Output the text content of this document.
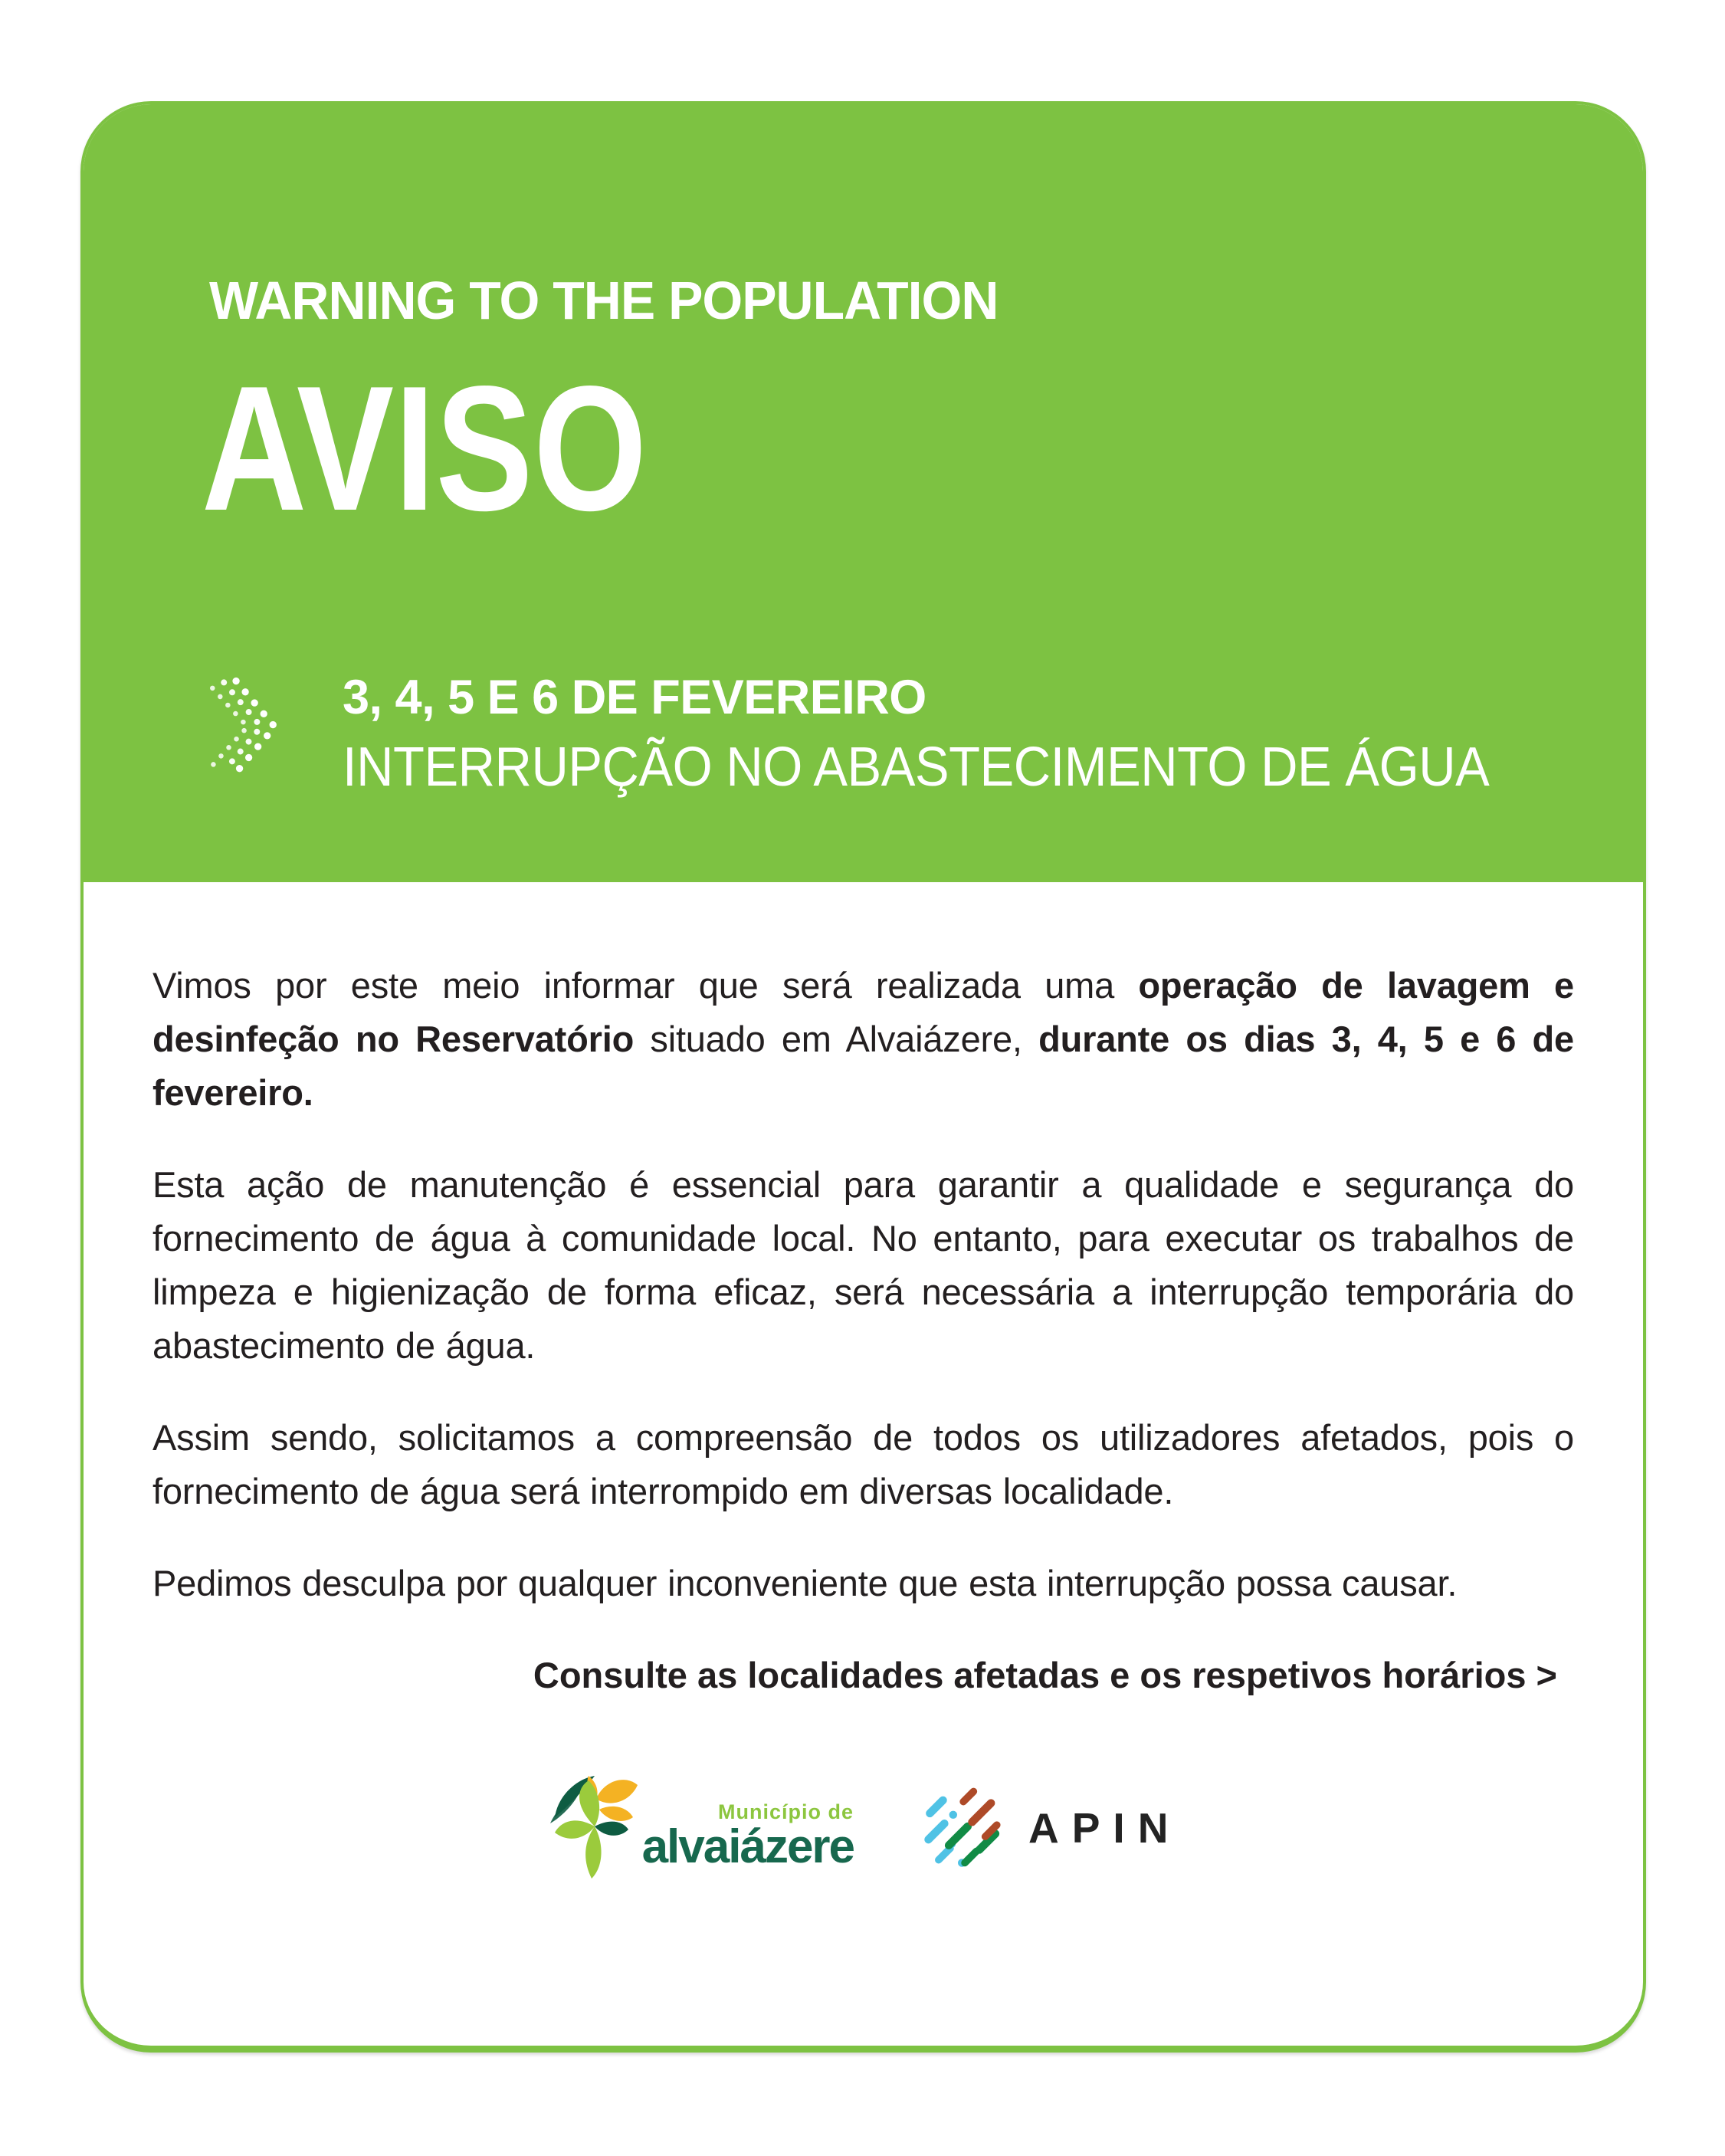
WARNING TO THE POPULATION
AVISO
3, 4, 5 E 6 DE FEVEREIRO
INTERRUPÇÃO NO ABASTECIMENTO DE ÁGUA

Vimos por este meio informar que será realizada uma operação de lavagem e desinfeção no Reservatório situado em Alvaiázere, durante os dias 3, 4, 5 e 6 de fevereiro.

Esta ação de manutenção é essencial para garantir a qualidade e segurança do fornecimento de água à comunidade local. No entanto, para executar os trabalhos de limpeza e higienização de forma eficaz, será necessária a interrupção temporária do abastecimento de água.

Assim sendo, solicitamos a compreensão de todos os utilizadores afetados, pois o fornecimento de água será interrompido em diversas localidade.

Pedimos desculpa por qualquer inconveniente que esta interrupção possa causar.

Consulte as localidades afetadas e os respetivos horários >
Município de
alvaiázere	APIN
